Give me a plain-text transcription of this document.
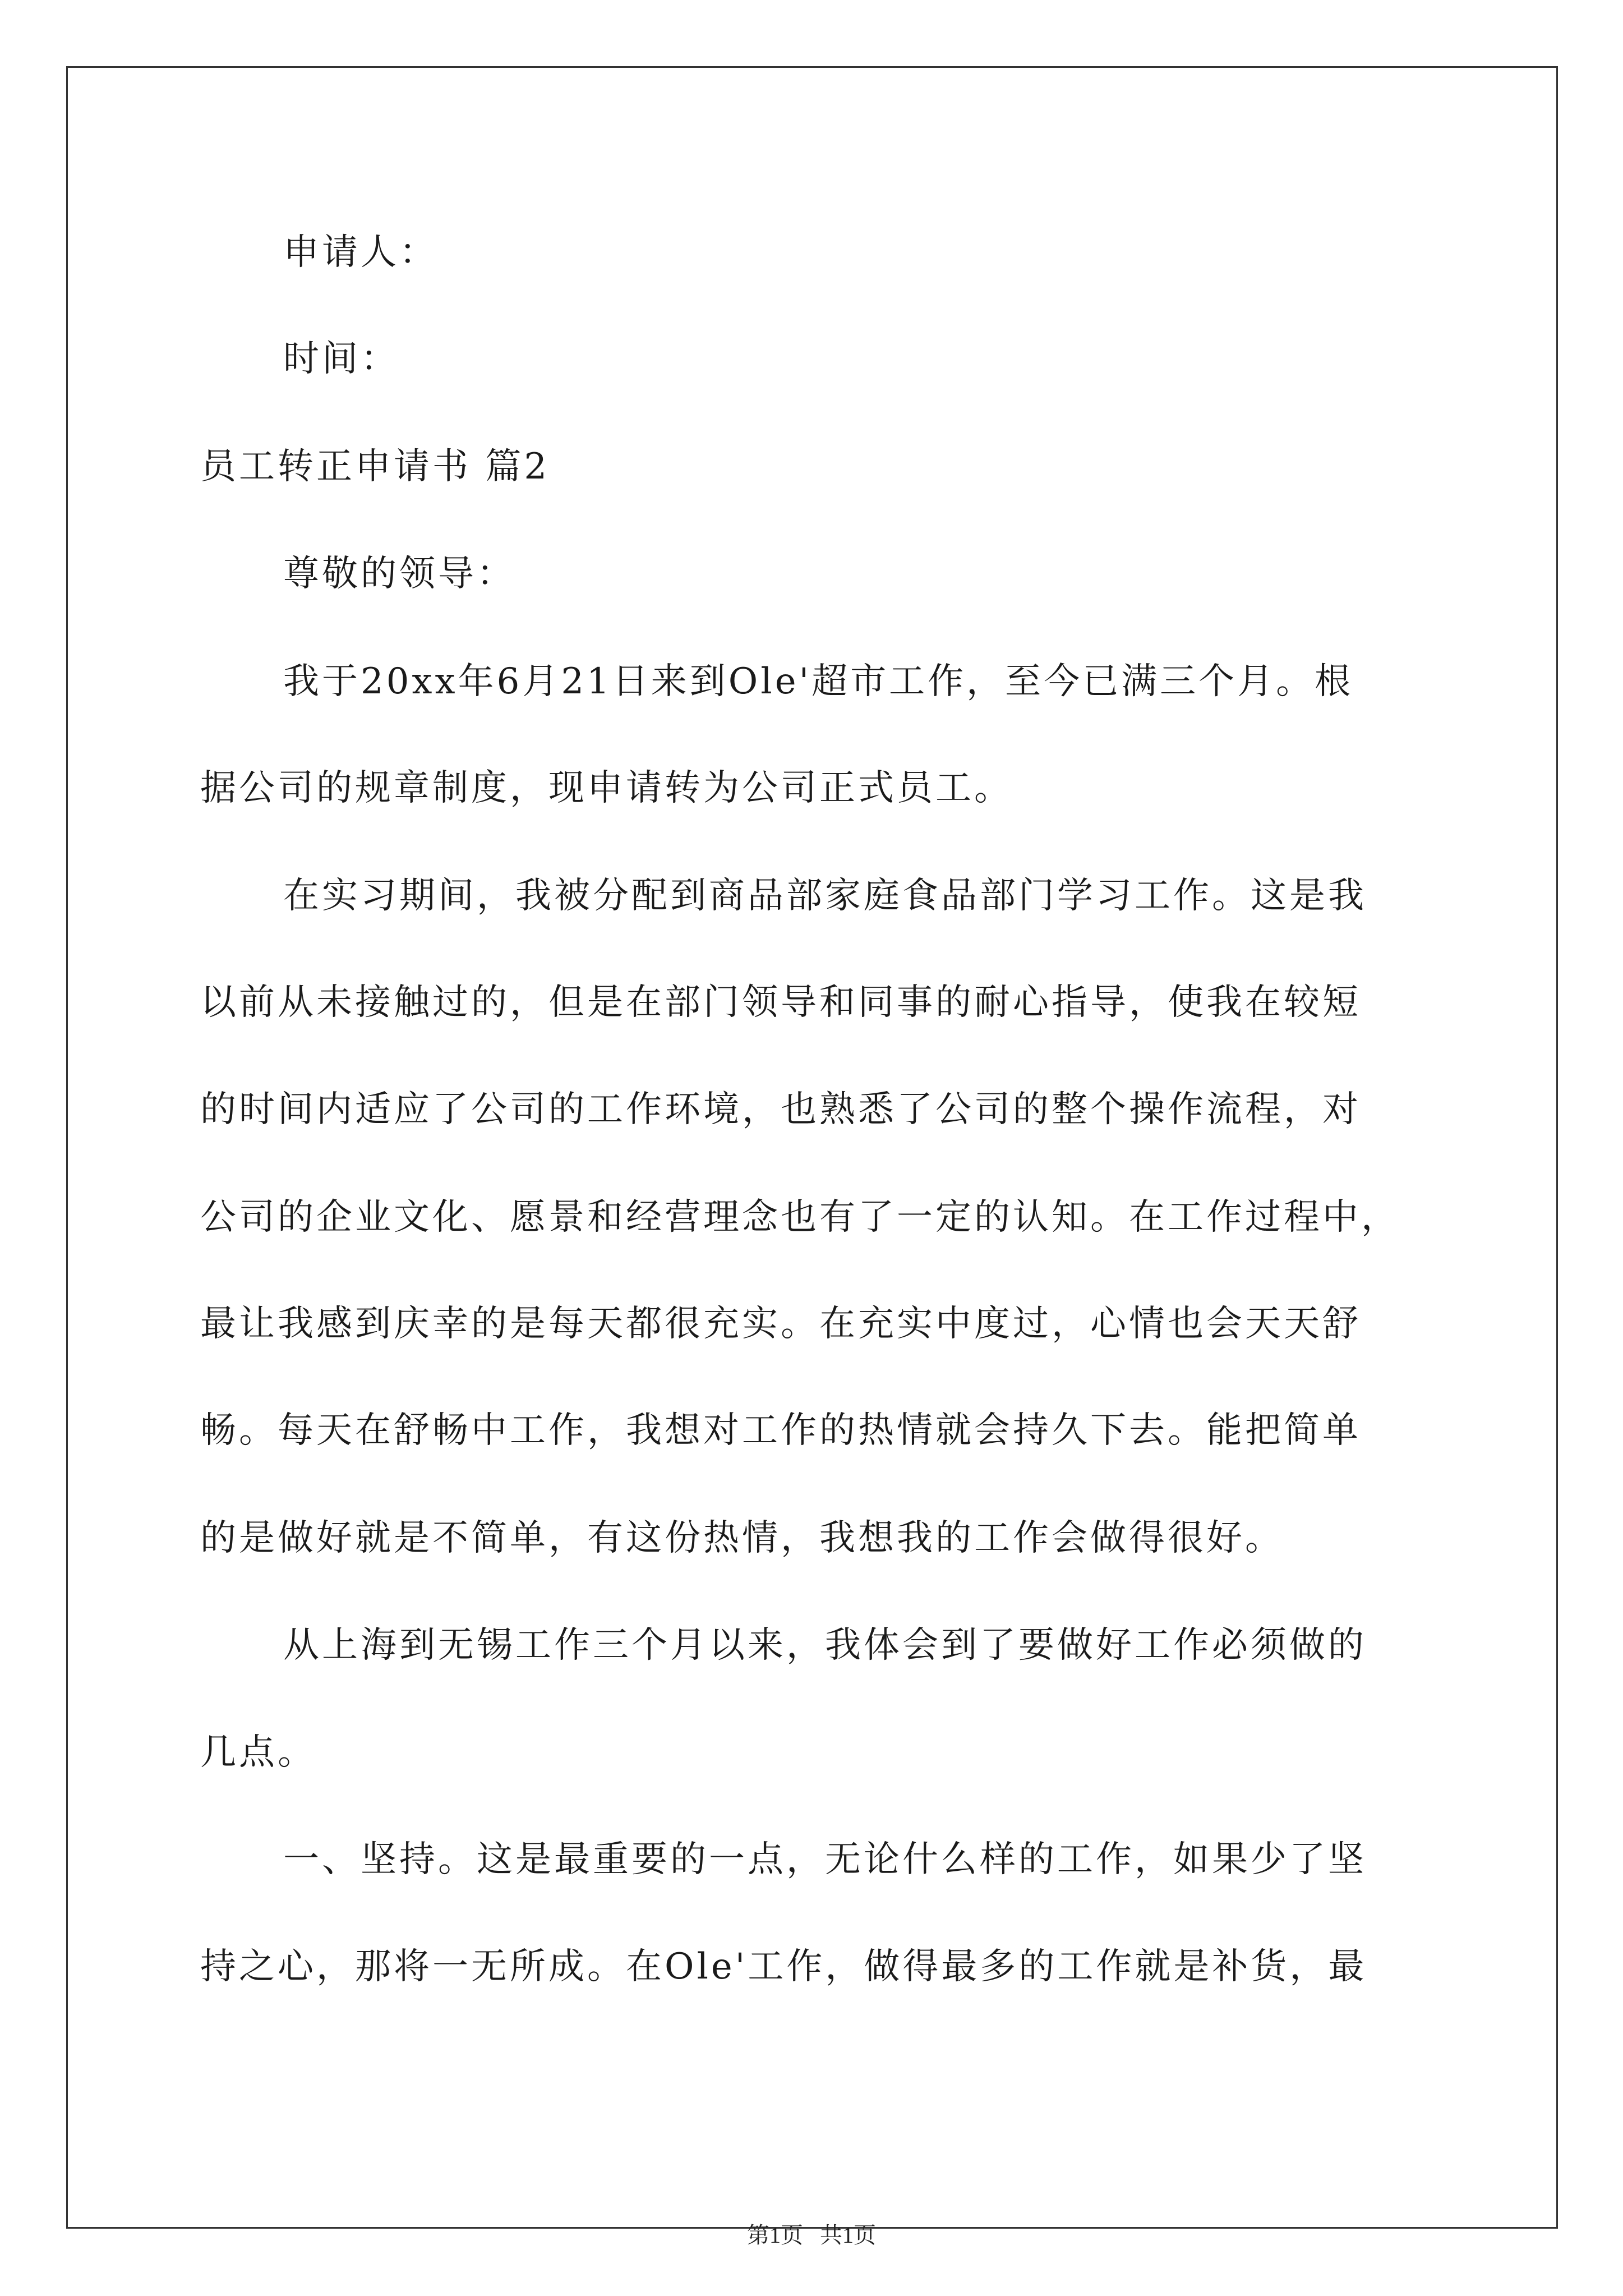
申请人：
时间：
员工转正申请书 篇2
尊敬的领导：
我于20xx年6月21日来到Ole'超市工作，至今已满三个月。根
据公司的规章制度，现申请转为公司正式员工。
在实习期间，我被分配到商品部家庭食品部门学习工作。这是我
以前从未接触过的，但是在部门领导和同事的耐心指导，使我在较短
的时间内适应了公司的工作环境，也熟悉了公司的整个操作流程，对
公司的企业文化、愿景和经营理念也有了一定的认知。在工作过程中，
最让我感到庆幸的是每天都很充实。在充实中度过，心情也会天天舒
畅。每天在舒畅中工作，我想对工作的热情就会持久下去。能把简单
的是做好就是不简单，有这份热情，我想我的工作会做得很好。
从上海到无锡工作三个月以来，我体会到了要做好工作必须做的
几点。
一、坚持。这是最重要的一点，无论什么样的工作，如果少了坚
持之心，那将一无所成。在Ole'工作，做得最多的工作就是补货，最
第1页   共1页
